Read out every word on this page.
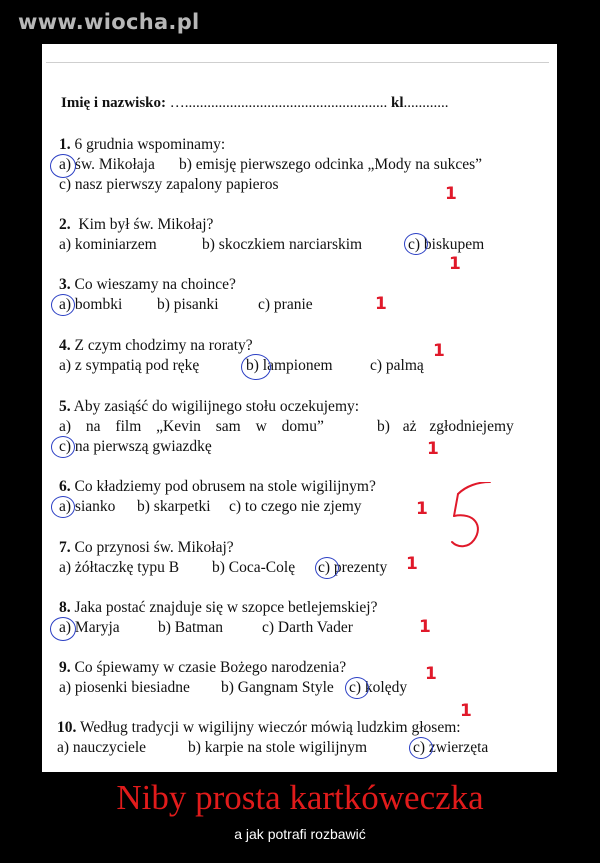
www.wiocha.pl
Imię i nazwisko: …...................................................... kl............
1. 6 grudnia wspominamy:
a) św. Mikołaja b) emisję pierwszego odcinka „Mody na sukces”
c) nasz pierwszy zapalony papieros	1
2. Kim był św. Mikołaj?
a) kominiarzem	b) skoczkiem narciarskim	c) biskupem
1
3. Co wieszamy na choince?
a) bombki b) pisanki	c) pranie	1
4. Z czym chodzimy na roraty?
a) z sympatią pod rękę	b) lampionem c) palmą
1
5. Aby zasiąść do wigilijnego stołu oczekujemy:
a) na film „Kevin sam w domu”	b) aż zgłodniejemy
c) na pierwszą gwiazdkę	1
6. Co kładziemy pod obrusem na stole wigilijnym?
a) sianko b) skarpetki c) to czego nie zjemy	1
7. Co przynosi św. Mikołaj?
a) żółtaczkę typu B b) Coca-Colę c) prezenty 1
8. Jaka postać znajduje się w szopce betlejemskiej?
a) Maryja b) Batman	c) Darth Vader	1
9. Co śpiewamy w czasie Bożego narodzenia?
a) piosenki biesiadne b) Gangnam Style c) kolędy
1
10. Według tradycji w wigilijny wieczór mówią ludzkim głosem:
a) nauczyciele	b) karpie na stole wigilijnym	c) zwierzęta
1
Niby prosta kartkóweczka
a jak potrafi rozbawić
